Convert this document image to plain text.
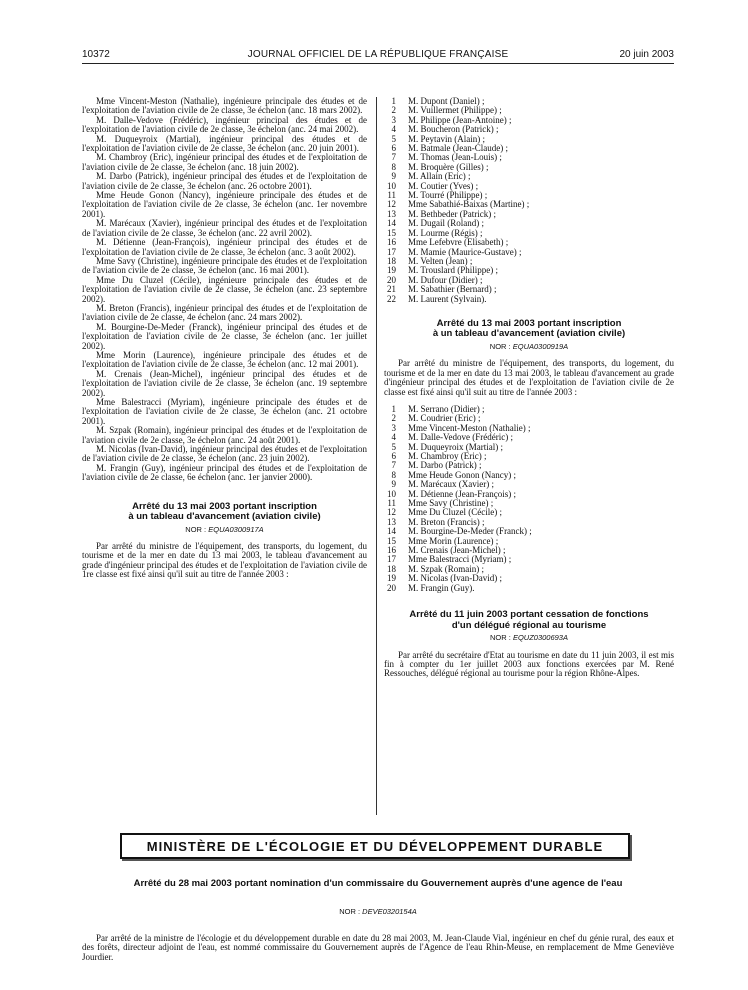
10372	JOURNAL OFFICIEL DE LA RÉPUBLIQUE FRANÇAISE	20 juin 2003

Mme Vincent-Meston (Nathalie), ingénieure principale des études et de l'exploitation de l'aviation civile de 2e classe, 3e échelon (anc. 18 mars 2002).

M. Dalle-Vedove (Frédéric), ingénieur principal des études et de l'exploitation de l'aviation civile de 2e classe, 3e échelon (anc. 24 mai 2002).

M. Duqueyroix (Martial), ingénieur principal des études et de l'exploitation de l'aviation civile de 2e classe, 3e échelon (anc. 20 juin 2001).

M. Chambroy (Eric), ingénieur principal des études et de l'exploitation de l'aviation civile de 2e classe, 3e échelon (anc. 18 juin 2002).

M. Darbo (Patrick), ingénieur principal des études et de l'exploitation de l'aviation civile de 2e classe, 3e échelon (anc. 26 octobre 2001).

Mme Heude Gonon (Nancy), ingénieure principale des études et de l'exploitation de l'aviation civile de 2e classe, 3e échelon (anc. 1er novembre 2001).

M. Marécaux (Xavier), ingénieur principal des études et de l'exploitation de l'aviation civile de 2e classe, 3e échelon (anc. 22 avril 2002).

M. Détienne (Jean-François), ingénieur principal des études et de l'exploitation de l'aviation civile de 2e classe, 3e échelon (anc. 3 août 2002).

Mme Savy (Christine), ingénieure principale des études et de l'exploitation de l'aviation civile de 2e classe, 3e échelon (anc. 16 mai 2001).

Mme Du Cluzel (Cécile), ingénieure principale des études et de l'exploitation de l'aviation civile de 2e classe, 3e échelon (anc. 23 septembre 2002).

M. Breton (Francis), ingénieur principal des études et de l'exploitation de l'aviation civile de 2e classe, 4e échelon (anc. 24 mars 2002).

M. Bourgine-De-Meder (Franck), ingénieur principal des études et de l'exploitation de l'aviation civile de 2e classe, 3e échelon (anc. 1er juillet 2002).

Mme Morin (Laurence), ingénieure principale des études et de l'exploitation de l'aviation civile de 2e classe, 3e échelon (anc. 12 mai 2001).

M. Crenais (Jean-Michel), ingénieur principal des études et de l'exploitation de l'aviation civile de 2e classe, 3e échelon (anc. 19 septembre 2002).

Mme Balestracci (Myriam), ingénieure principale des études et de l'exploitation de l'aviation civile de 2e classe, 3e échelon (anc. 21 octobre 2001).

M. Szpak (Romain), ingénieur principal des études et de l'exploitation de l'aviation civile de 2e classe, 3e échelon (anc. 24 août 2001).

M. Nicolas (Ivan-David), ingénieur principal des études et de l'exploitation de l'aviation civile de 2e classe, 3e échelon (anc. 23 juin 2002).

M. Frangin (Guy), ingénieur principal des études et de l'exploitation de l'aviation civile de 2e classe, 6e échelon (anc. 1er janvier 2000).

Arrêté du 13 mai 2003 portant inscription

à un tableau d'avancement (aviation civile)

NOR : EQUA0300917A

Par arrêté du ministre de l'équipement, des transports, du logement, du tourisme et de la mer en date du 13 mai 2003, le tableau d'avancement au grade d'ingénieur principal des études et de l'exploitation de l'aviation civile de 1re classe est fixé ainsi qu'il suit au titre de l'année 2003 :

1	M. Dupont (Daniel) ;
2	M. Vuillermet (Philippe) ;
3	M. Philippe (Jean-Antoine) ;
4	M. Boucheron (Patrick) ;
5	M. Peytavin (Alain) ;
6	M. Batmale (Jean-Claude) ;
7	M. Thomas (Jean-Louis) ;
8	M. Broquère (Gilles) ;
9	M. Allain (Eric) ;
10	M. Coutier (Yves) ;
11	M. Tourré (Philippe) ;
12	Mme Sabathié-Baixas (Martine) ;
13	M. Bethbeder (Patrick) ;
14	M. Dugail (Roland) ;
15	M. Lourme (Régis) ;
16	Mme Lefebvre (Elisabeth) ;
17	M. Mamie (Maurice-Gustave) ;
18	M. Velten (Jean) ;
19	M. Trouslard (Philippe) ;
20	M. Dufour (Didier) ;
21	M. Sabathier (Bernard) ;
22	M. Laurent (Sylvain).

Arrêté du 13 mai 2003 portant inscription

à un tableau d'avancement (aviation civile)

NOR : EQUA0300919A

Par arrêté du ministre de l'équipement, des transports, du logement, du tourisme et de la mer en date du 13 mai 2003, le tableau d'avancement au grade d'ingénieur principal des études et de l'exploitation de l'aviation civile de 2e classe est fixé ainsi qu'il suit au titre de l'année 2003 :

1	M. Serrano (Didier) ;
2	M. Coudrier (Eric) ;
3	Mme Vincent-Meston (Nathalie) ;
4	M. Dalle-Vedove (Frédéric) ;
5	M. Duqueyroix (Martial) ;
6	M. Chambroy (Eric) ;
7	M. Darbo (Patrick) ;
8	Mme Heude Gonon (Nancy) ;
9	M. Marécaux (Xavier) ;
10	M. Détienne (Jean-François) ;
11	Mme Savy (Christine) ;
12	Mme Du Cluzel (Cécile) ;
13	M. Breton (Francis) ;
14	M. Bourgine-De-Meder (Franck) ;
15	Mme Morin (Laurence) ;
16	M. Crenais (Jean-Michel) ;
17	Mme Balestracci (Myriam) ;
18	M. Szpak (Romain) ;
19	M. Nicolas (Ivan-David) ;
20	M. Frangin (Guy).

Arrêté du 11 juin 2003 portant cessation de fonctions

d'un délégué régional au tourisme

NOR : EQUZ0300693A

Par arrêté du secrétaire d'Etat au tourisme en date du 11 juin 2003, il est mis fin à compter du 1er juillet 2003 aux fonctions exercées par M. René Ressouches, délégué régional au tourisme pour la région Rhône-Alpes.

MINISTÈRE DE L'ÉCOLOGIE ET DU DÉVELOPPEMENT DURABLE
Arrêté du 28 mai 2003 portant nomination d'un commissaire du Gouvernement auprès d'une agence de l'eau

NOR : DEVE0320154A

Par arrêté de la ministre de l'écologie et du développement durable en date du 28 mai 2003, M. Jean-Claude Vial, ingénieur en chef du génie rural, des eaux et des forêts, directeur adjoint de l'eau, est nommé commissaire du Gouvernement auprès de l'Agence de l'eau Rhin-Meuse, en remplacement de Mme Geneviève Jourdier.
